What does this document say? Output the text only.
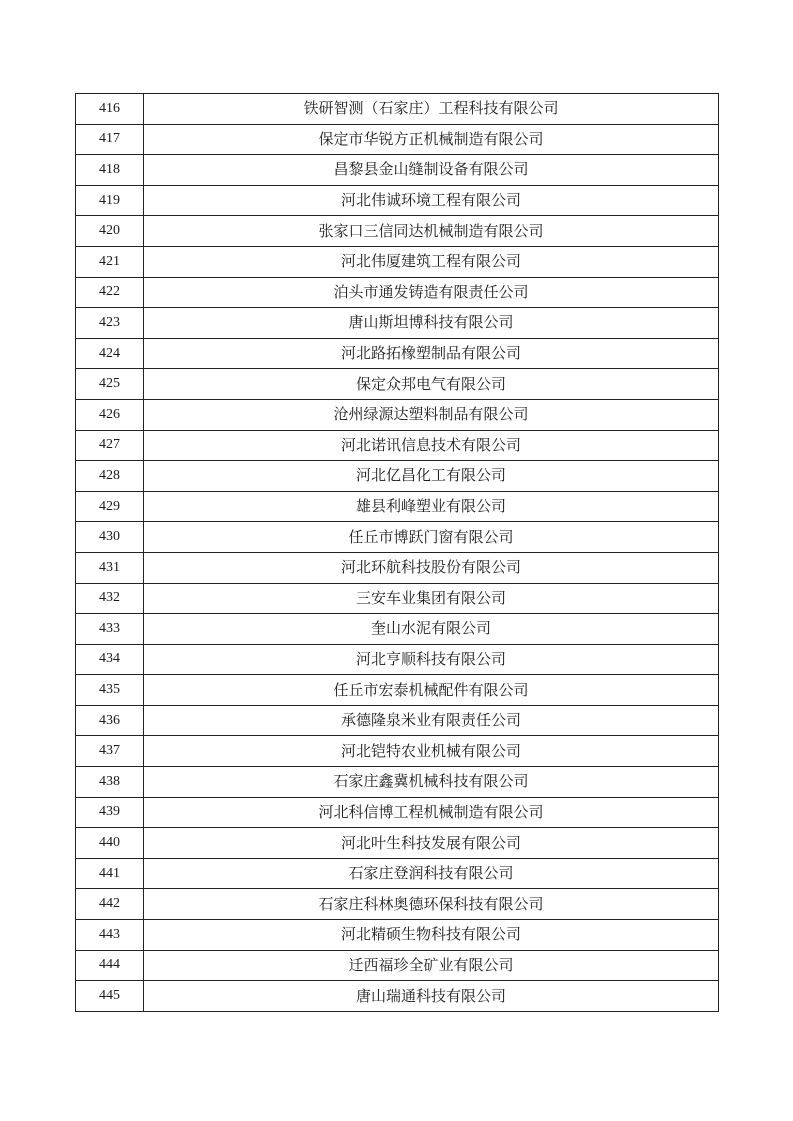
416	铁研智测（石家庄）工程科技有限公司
417	保定市华锐方正机械制造有限公司
418	昌黎县金山缝制设备有限公司
419	河北伟诚环境工程有限公司
420	张家口三信同达机械制造有限公司
421	河北伟厦建筑工程有限公司
422	泊头市通发铸造有限责任公司
423	唐山斯坦博科技有限公司
424	河北路拓橡塑制品有限公司
425	保定众邦电气有限公司
426	沧州绿源达塑料制品有限公司
427	河北诺讯信息技术有限公司
428	河北亿昌化工有限公司
429	雄县利峰塑业有限公司
430	任丘市博跃门窗有限公司
431	河北环航科技股份有限公司
432	三安车业集团有限公司
433	奎山水泥有限公司
434	河北亨顺科技有限公司
435	任丘市宏泰机械配件有限公司
436	承德隆泉米业有限责任公司
437	河北铠特农业机械有限公司
438	石家庄鑫冀机械科技有限公司
439	河北科信博工程机械制造有限公司
440	河北叶生科技发展有限公司
441	石家庄登润科技有限公司
442	石家庄科林奥德环保科技有限公司
443	河北精硕生物科技有限公司
444	迁西福珍全矿业有限公司
445	唐山瑞通科技有限公司
